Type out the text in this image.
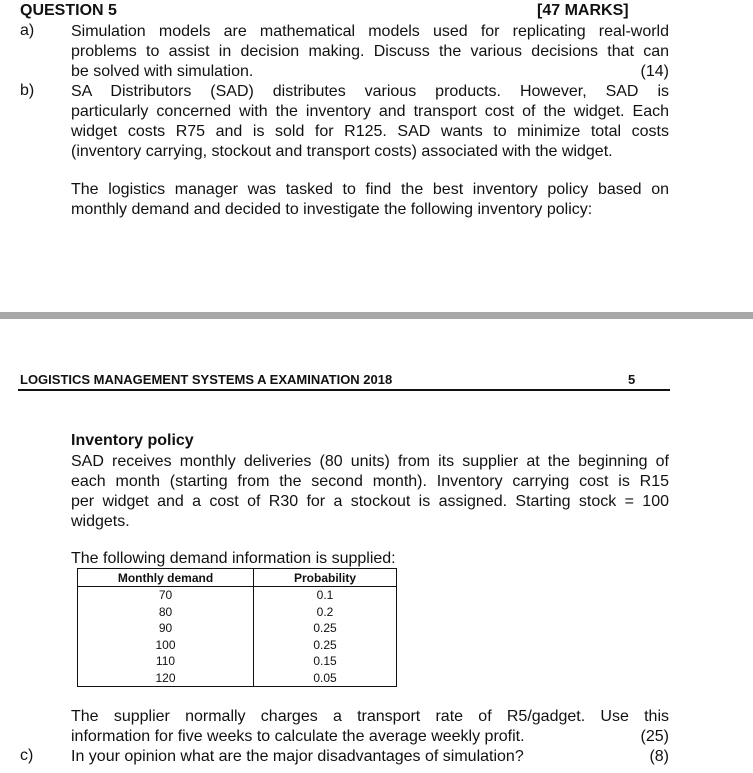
QUESTION 5	[47 MARKS]
a) Simulation models are mathematical models used for replicating real-world
problems to assist in decision making. Discuss the various decisions that can
be solved with simulation.	(14)
b) SA Distributors (SAD) distributes various products. However, SAD is
particularly concerned with the inventory and transport cost of the widget. Each
widget costs R75 and is sold for R125. SAD wants to minimize total costs
(inventory carrying, stockout and transport costs) associated with the widget.
The logistics manager was tasked to find the best inventory policy based on
monthly demand and decided to investigate the following inventory policy:
LOGISTICS MANAGEMENT SYSTEMS A EXAMINATION 2018	5
Inventory policy
SAD receives monthly deliveries (80 units) from its supplier at the beginning of
each month (starting from the second month). Inventory carrying cost is R15
per widget and a cost of R30 for a stockout is assigned. Starting stock = 100
widgets.
The following demand information is supplied:
Monthly demand	Probability
70	0.1
80	0.2
90	0.25
100	0.25
110	0.15
120	0.05
The supplier normally charges a transport rate of R5/gadget. Use this
information for five weeks to calculate the average weekly profit.	(25)
c) In your opinion what are the major disadvantages of simulation?	(8)
